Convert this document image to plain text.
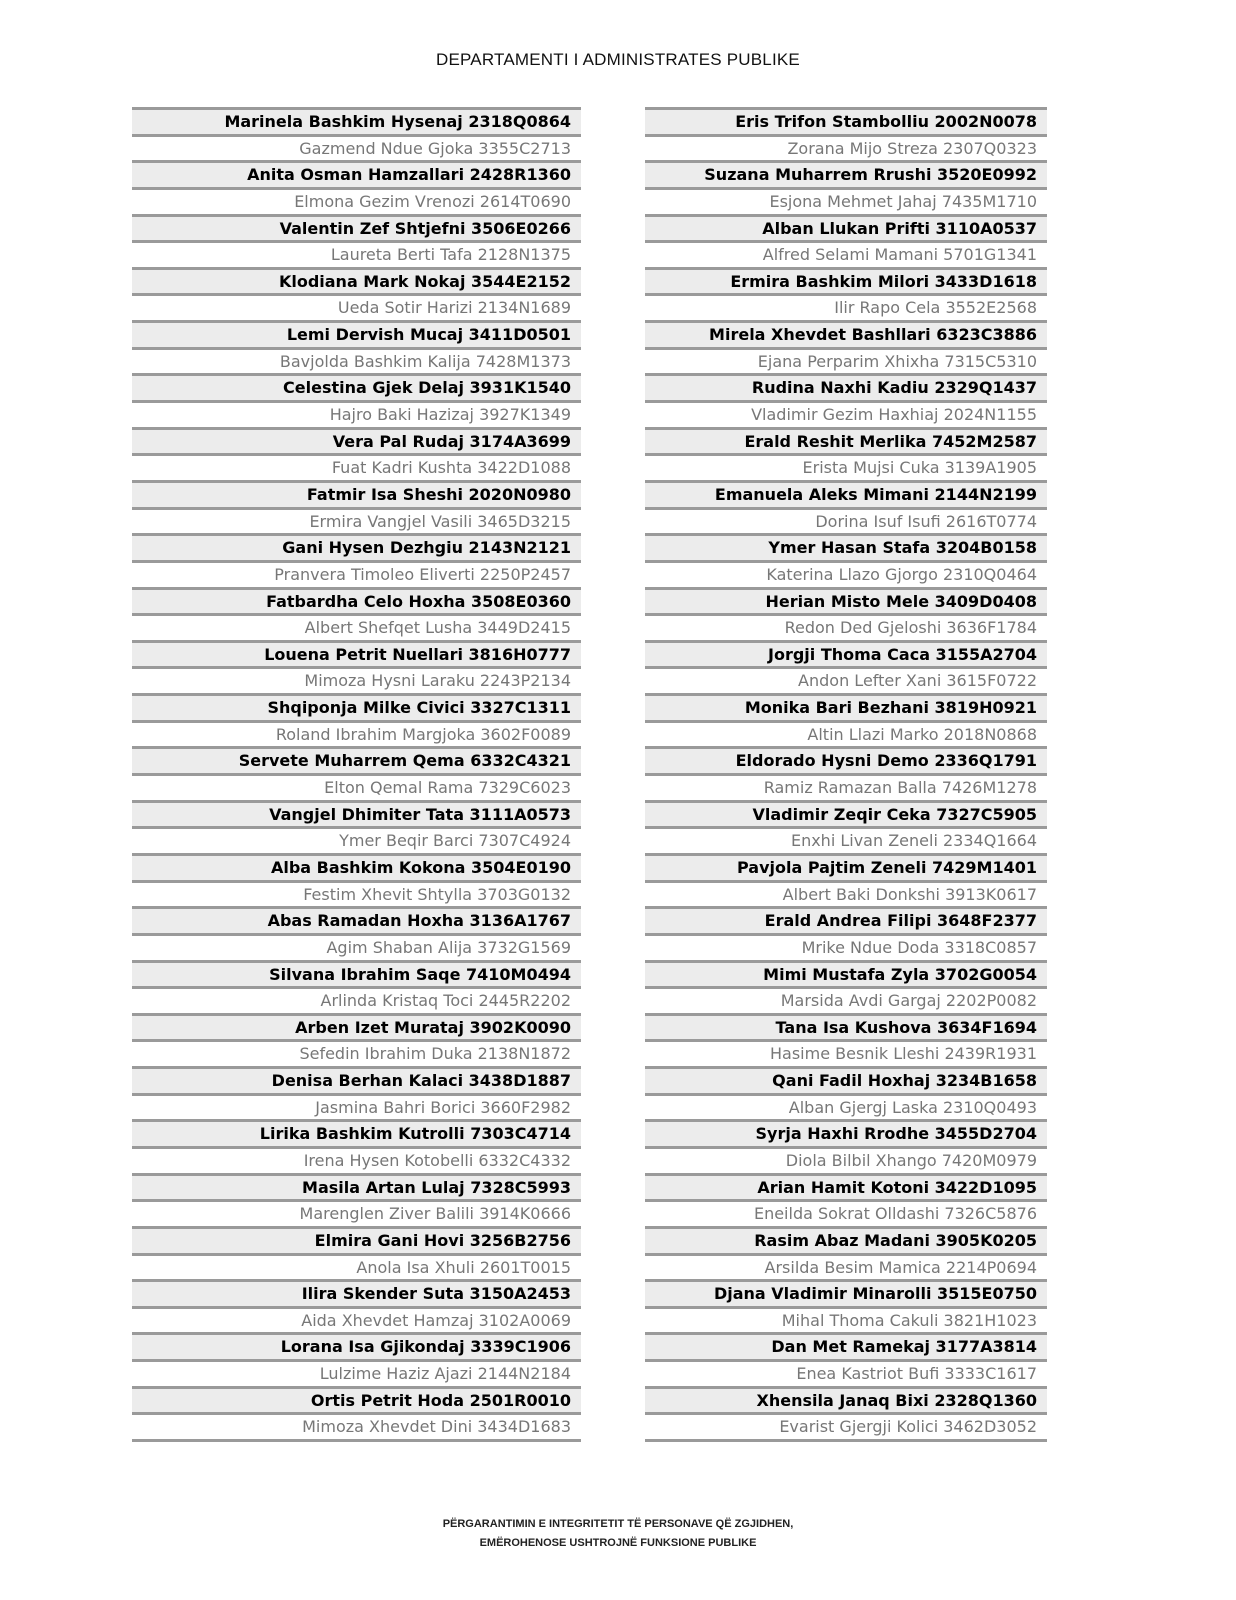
DEPARTAMENTI I ADMINISTRATES PUBLIKE
Marinela Bashkim Hysenaj 2318Q0864
Gazmend Ndue Gjoka 3355C2713
Anita Osman Hamzallari 2428R1360
Elmona Gezim Vrenozi 2614T0690
Valentin Zef Shtjefni 3506E0266
Laureta Berti Tafa 2128N1375
Klodiana Mark Nokaj 3544E2152
Ueda Sotir Harizi 2134N1689
Lemi Dervish Mucaj 3411D0501
Bavjolda Bashkim Kalija 7428M1373
Celestina Gjek Delaj 3931K1540
Hajro Baki Hazizaj 3927K1349
Vera Pal Rudaj 3174A3699
Fuat Kadri Kushta 3422D1088
Fatmir Isa Sheshi 2020N0980
Ermira Vangjel Vasili 3465D3215
Gani Hysen Dezhgiu 2143N2121
Pranvera Timoleo Eliverti 2250P2457
Fatbardha Celo Hoxha 3508E0360
Albert Shefqet Lusha 3449D2415
Louena Petrit Nuellari 3816H0777
Mimoza Hysni Laraku 2243P2134
Shqiponja Milke Civici 3327C1311
Roland Ibrahim Margjoka 3602F0089
Servete Muharrem Qema 6332C4321
Elton Qemal Rama 7329C6023
Vangjel Dhimiter Tata 3111A0573
Ymer Beqir Barci 7307C4924
Alba Bashkim Kokona 3504E0190
Festim Xhevit Shtylla 3703G0132
Abas Ramadan Hoxha 3136A1767
Agim Shaban Alija 3732G1569
Silvana Ibrahim Saqe 7410M0494
Arlinda Kristaq Toci 2445R2202
Arben Izet Murataj 3902K0090
Sefedin Ibrahim Duka 2138N1872
Denisa Berhan Kalaci 3438D1887
Jasmina Bahri Borici 3660F2982
Lirika Bashkim Kutrolli 7303C4714
Irena Hysen Kotobelli 6332C4332
Masila Artan Lulaj 7328C5993
Marenglen Ziver Balili 3914K0666
Elmira Gani Hovi 3256B2756
Anola Isa Xhuli 2601T0015
Ilira Skender Suta 3150A2453
Aida Xhevdet Hamzaj 3102A0069
Lorana Isa Gjikondaj 3339C1906
Lulzime Haziz Ajazi 2144N2184
Ortis Petrit Hoda 2501R0010
Mimoza Xhevdet Dini 3434D1683
Eris Trifon Stambolliu 2002N0078
Zorana Mijo Streza 2307Q0323
Suzana Muharrem Rrushi 3520E0992
Esjona Mehmet Jahaj 7435M1710
Alban Llukan Prifti 3110A0537
Alfred Selami Mamani 5701G1341
Ermira Bashkim Milori 3433D1618
Ilir Rapo Cela 3552E2568
Mirela Xhevdet Bashllari 6323C3886
Ejana Perparim Xhixha 7315C5310
Rudina Naxhi Kadiu 2329Q1437
Vladimir Gezim Haxhiaj 2024N1155
Erald Reshit Merlika 7452M2587
Erista Mujsi Cuka 3139A1905
Emanuela Aleks Mimani 2144N2199
Dorina Isuf Isufi 2616T0774
Ymer Hasan Stafa 3204B0158
Katerina Llazo Gjorgo 2310Q0464
Herian Misto Mele 3409D0408
Redon Ded Gjeloshi 3636F1784
Jorgji Thoma Caca 3155A2704
Andon Lefter Xani 3615F0722
Monika Bari Bezhani 3819H0921
Altin Llazi Marko 2018N0868
Eldorado Hysni Demo 2336Q1791
Ramiz Ramazan Balla 7426M1278
Vladimir Zeqir Ceka 7327C5905
Enxhi Livan Zeneli 2334Q1664
Pavjola Pajtim Zeneli 7429M1401
Albert Baki Donkshi 3913K0617
Erald Andrea Filipi 3648F2377
Mrike Ndue Doda 3318C0857
Mimi Mustafa Zyla 3702G0054
Marsida Avdi Gargaj 2202P0082
Tana Isa Kushova 3634F1694
Hasime Besnik Lleshi 2439R1931
Qani Fadil Hoxhaj 3234B1658
Alban Gjergj Laska 2310Q0493
Syrja Haxhi Rrodhe 3455D2704
Diola Bilbil Xhango 7420M0979
Arian Hamit Kotoni 3422D1095
Eneilda Sokrat Olldashi 7326C5876
Rasim Abaz Madani 3905K0205
Arsilda Besim Mamica 2214P0694
Djana Vladimir Minarolli 3515E0750
Mihal Thoma Cakuli 3821H1023
Dan Met Ramekaj 3177A3814
Enea Kastriot Bufi 3333C1617
Xhensila Janaq Bixi 2328Q1360
Evarist Gjergji Kolici 3462D3052
PËRGARANTIMIN E INTEGRITETIT TË PERSONAVE QË ZGJIDHEN,
EMËROHENOSE USHTROJNË FUNKSIONE PUBLIKE
